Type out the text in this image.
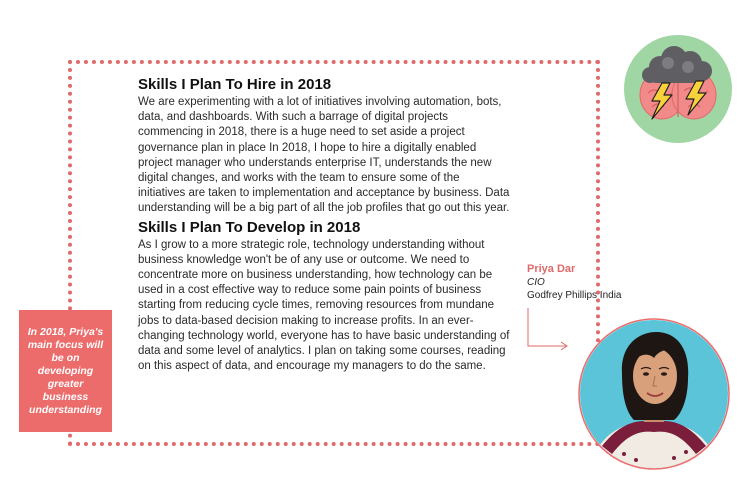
Skills I Plan To Hire in 2018

We are experimenting with a lot of initiatives involving automation, bots, data, and dashboards. With such a barrage of digital projects commencing in 2018, there is a huge need to set aside a project governance plan in place In 2018, I hope to hire a digitally enabled project manager who understands enterprise IT, understands the new digital changes, and works with the team to ensure some of the initiatives are taken to implementation and acceptance by business. Data understanding will be a big part of all the job profiles that go out this year.

Skills I Plan To Develop in 2018

As I grow to a more strategic role, technology understanding without business knowledge won't be of any use or outcome. We need to concentrate more on business understanding, how technology can be used in a cost effective way to reduce some pain points of business starting from reducing cycle times, removing resources from mundane jobs to data-based decision making to increase profits. In an ever-changing technology world, everyone has to have basic understanding of data and some level of analytics. I plan on taking some courses, reading on this aspect of data, and encourage my managers to do the same.

In 2018, Priya's main focus will be on developing greater business understanding
Priya Dar
CIO
Godfrey Phillips India
